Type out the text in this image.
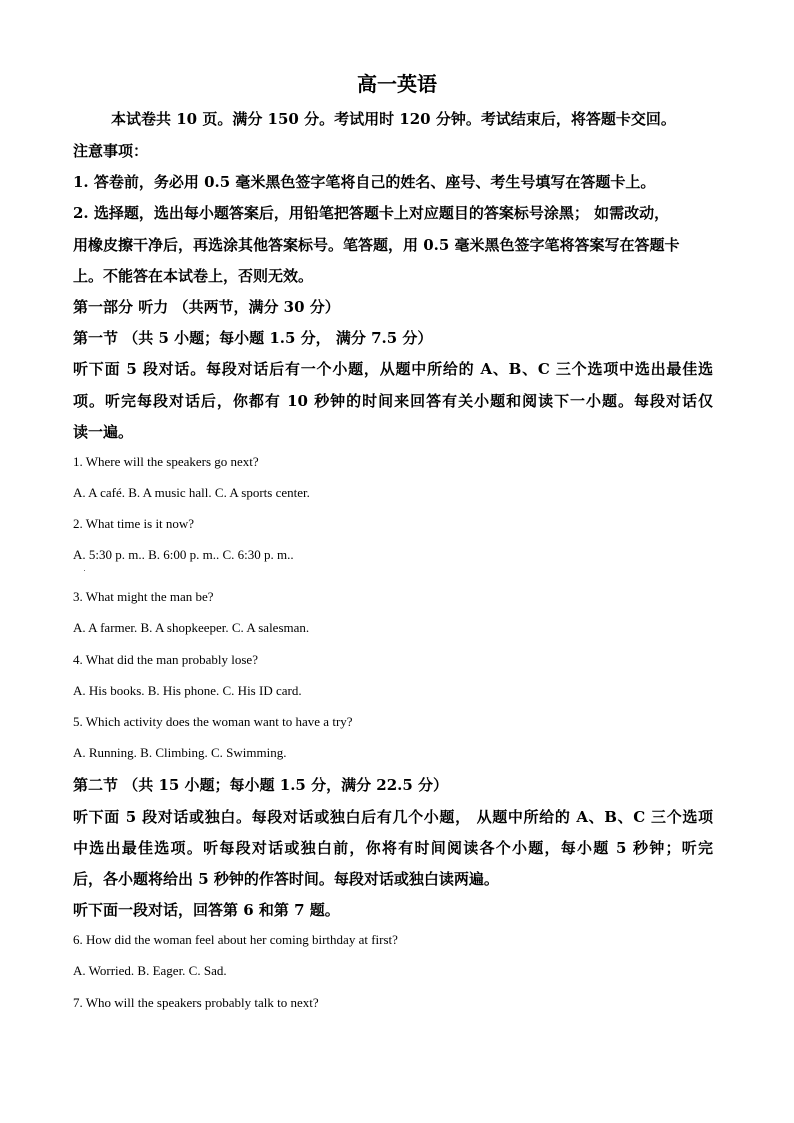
高一英语
本试卷共 10 页。满分 150 分。考试用时 120 分钟。考试结束后，将答题卡交回。
注意事项：
1. 答卷前，务必用 0.5 毫米黑色签字笔将自己的姓名、座号、考生号填写在答题卡上。
2. 选择题，选出每小题答案后，用铅笔把答题卡上对应题目的答案标号涂黑； 如需改动，
用橡皮擦干净后，再选涂其他答案标号。笔答题，用 0.5 毫米黑色签字笔将答案写在答题卡
上。不能答在本试卷上，否则无效。
第一部分 听力 （共两节，满分 30 分）
第一节 （共 5 小题；每小题 1.5 分， 满分 7.5 分）
听下面 5 段对话。每段对话后有一个小题，从题中所给的 A、B、C 三个选项中选出最佳选
项。听完每段对话后，你都有 10 秒钟的时间来回答有关小题和阅读下一小题。每段对话仅
读一遍。
1. Where will the speakers go next?
A. A café. B. A music hall. C. A sports center.
2. What time is it now?
A. 5:30 p. m.. B. 6:00 p. m.. C. 6:30 p. m..
3. What might the man be?
A. A farmer. B. A shopkeeper. C. A salesman.
4. What did the man probably lose?
A. His books. B. His phone. C. His ID card.
5. Which activity does the woman want to have a try?
A. Running. B. Climbing. C. Swimming.
第二节 （共 15 小题；每小题 1.5 分，满分 22.5 分）
听下面 5 段对话或独白。每段对话或独白后有几个小题， 从题中所给的 A、B、C 三个选项
中选出最佳选项。听每段对话或独白前，你将有时间阅读各个小题，每小题 5 秒钟；听完
后，各小题将给出 5 秒钟的作答时间。每段对话或独白读两遍。
听下面一段对话，回答第 6 和第 7 题。
6. How did the woman feel about her coming birthday at first?
A. Worried. B. Eager. C. Sad.
7. Who will the speakers probably talk to next?
